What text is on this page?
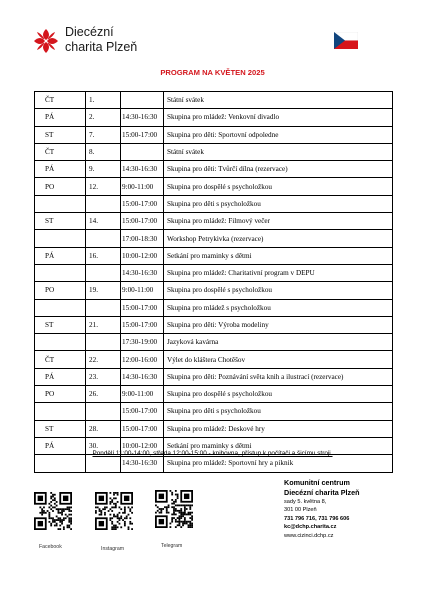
Diecézní
charita Plzeň
PROGRAM NA KVĚTEN 2025
ČT	1.		Státní svátek
PÁ	2.	14:30-16:30	Skupina pro mládež: Venkovní divadlo
ST	7.	15:00-17:00	Skupina pro děti: Sportovní odpoledne
ČT	8.		Státní svátek
PÁ	9.	14:30-16:30	Skupina pro děti: Tvůrčí dílna (rezervace)
PO	12.	9:00-11:00	Skupina pro dospělé s psycholožkou
		15:00-17:00	Skupina pro děti s psycholožkou
ST	14.	15:00-17:00	Skupina pro mládež: Filmový večer
		17:00-18:30	Workshop Petrykivka (rezervace)
PÁ	16.	10:00-12:00	Setkání pro maminky s dětmi
		14:30-16:30	Skupina pro mládež: Charitativní program v DEPU
PO	19.	9:00-11:00	Skupina pro dospělé s psycholožkou
		15:00-17:00	Skupina pro mládež s psycholožkou
ST	21.	15:00-17:00	Skupina pro děti: Výroba modeliny
		17:30-19:00	Jazyková kavárna
ČT	22.	12:00-16:00	Výlet do kláštera Chotěšov
PÁ	23.	14:30-16:30	Skupina pro děti: Poznávání světa knih a ilustrací (rezervace)
PO	26.	9:00-11:00	Skupina pro dospělé s psycholožkou
		15:00-17:00	Skupina pro děti s psycholožkou
ST	28.	15:00-17:00	Skupina pro mládež: Deskové hry
PÁ	30.	10:00-12:00	Setkání pro maminky s dětmi
		14:30-16:30	Skupina pro mládež: Sportovní hry a piknik
Pondělí 11:00-14:00, středa 12:00-15:00 - knihovna, přístup k počítači a šicímu stroji.
Facebook	Instagram	Telegram
Komunitní centrum
Diecézní charita Plzeň
sady 5. května 8,
301 00 Plzeň
731 796 716, 731 796 606
kc@dchp.charita.cz
www.cizinci.dchp.cz
